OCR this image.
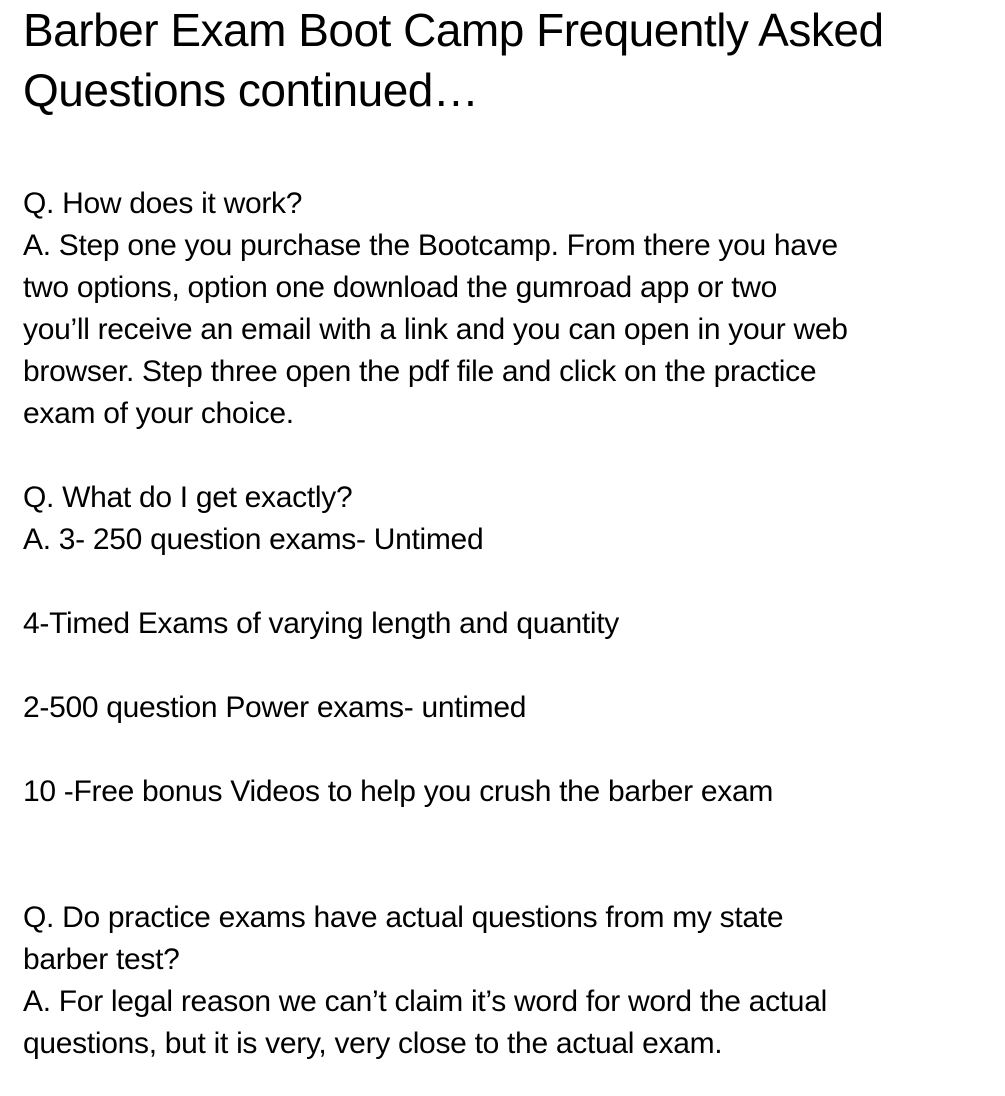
Barber Exam Boot Camp Frequently Asked
Questions continued…
Q. How does it work?
A. Step one you purchase the Bootcamp. From there you have
two options, option one download the gumroad app or two
you’ll receive an email with a link and you can open in your web
browser. Step three open the pdf file and click on the practice
exam of your choice.
Q. What do I get exactly?
A. 3- 250 question exams- Untimed
4-Timed Exams of varying length and quantity
2-500 question Power exams- untimed
10 -Free bonus Videos to help you crush the barber exam
Q. Do practice exams have actual questions from my state
barber test?
A. For legal reason we can’t claim it’s word for word the actual
questions, but it is very, very close to the actual exam.
